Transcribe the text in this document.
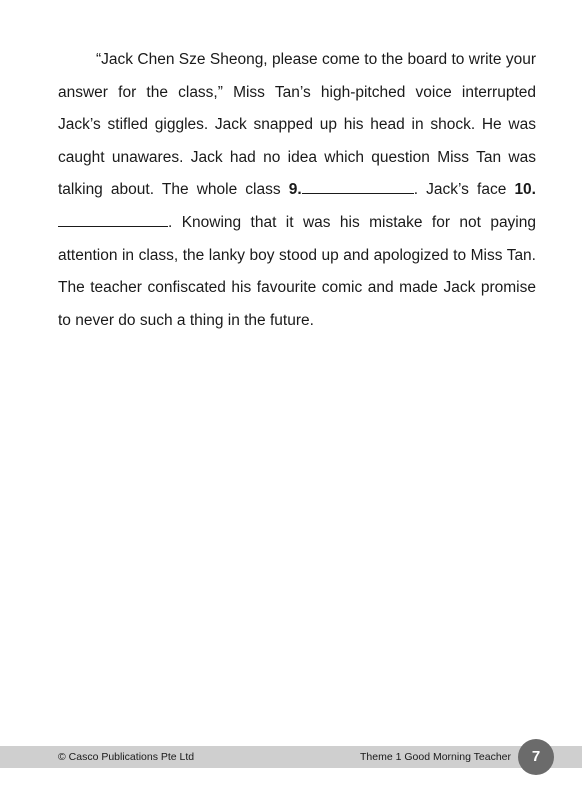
“Jack Chen Sze Sheong, please come to the board to write your answer for the class,” Miss Tan’s high-pitched voice interrupted Jack’s stifled giggles. Jack snapped up his head in shock. He was caught unawares. Jack had no idea which question Miss Tan was talking about. The whole class 9.	. Jack’s face 10.. Knowing that it was his mistake for not paying attention in class, the lanky boy stood up and apologized to Miss Tan. The teacher confiscated his favourite comic and made Jack promise to never do such a thing in the future.

© Casco Publications Pte Ltd	Theme 1 Good Morning Teacher	7
